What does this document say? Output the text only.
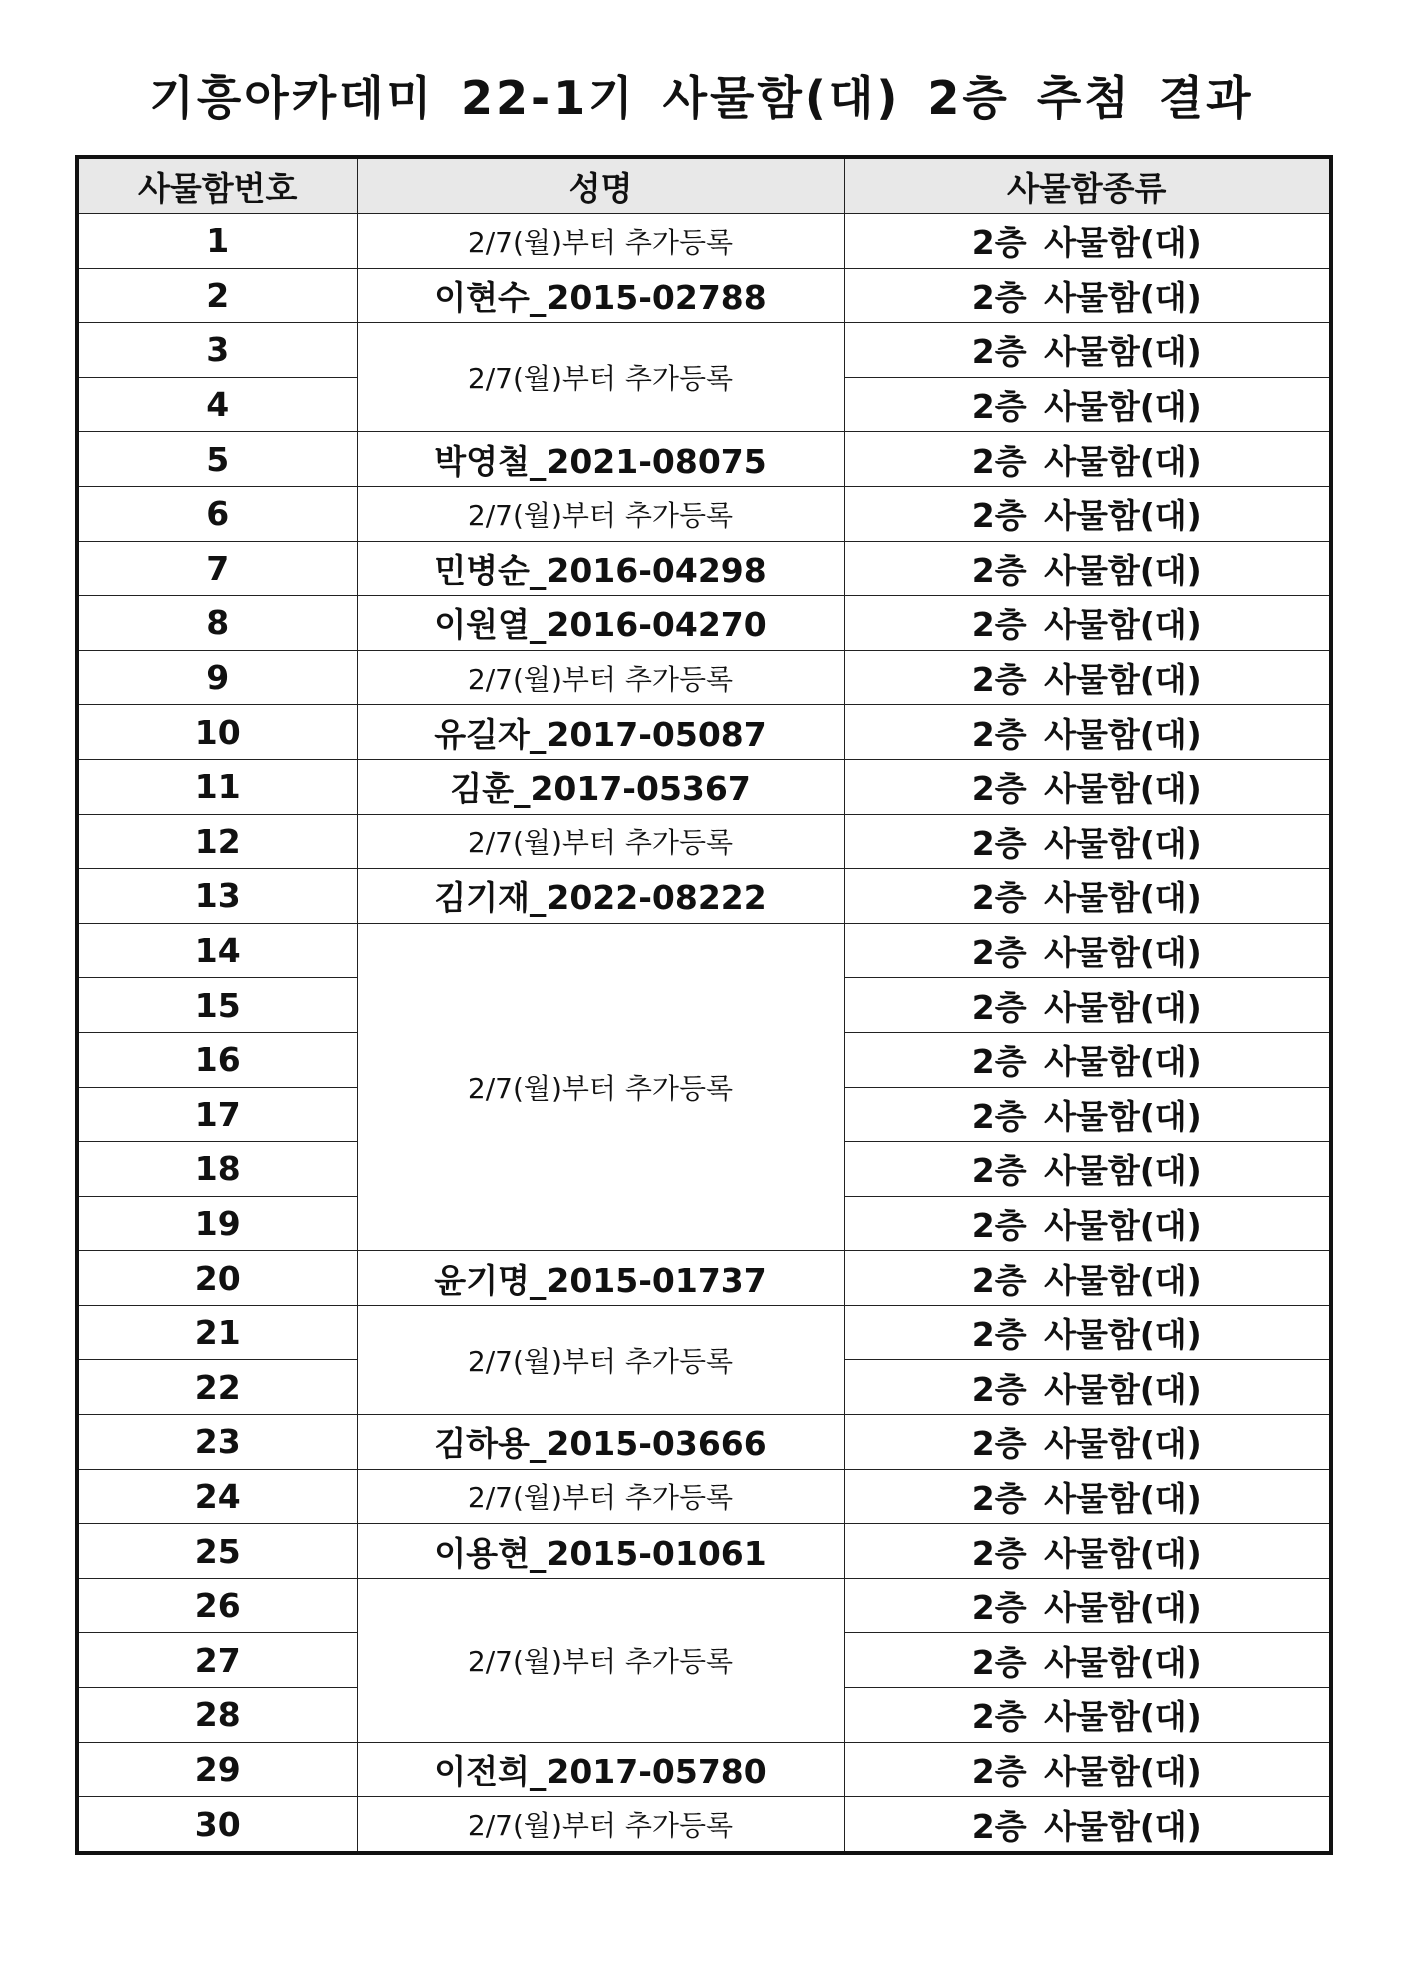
기흥아카데미 22-1기 사물함(대) 2층 추첨 결과
사물함번호	성명	사물함종류
1	2/7(월)부터 추가등록	2층 사물함(대)
2	이현수_2015-02788	2층 사물함(대)
3	2/7(월)부터 추가등록	2층 사물함(대)
4		2층 사물함(대)
5	박영철_2021-08075	2층 사물함(대)
6	2/7(월)부터 추가등록	2층 사물함(대)
7	민병순_2016-04298	2층 사물함(대)
8	이원열_2016-04270	2층 사물함(대)
9	2/7(월)부터 추가등록	2층 사물함(대)
10	유길자_2017-05087	2층 사물함(대)
11	김훈_2017-05367	2층 사물함(대)
12	2/7(월)부터 추가등록	2층 사물함(대)
13	김기재_2022-08222	2층 사물함(대)
14	2/7(월)부터 추가등록	2층 사물함(대)
15		2층 사물함(대)
16		2층 사물함(대)
17		2층 사물함(대)
18		2층 사물함(대)
19		2층 사물함(대)
20	윤기명_2015-01737	2층 사물함(대)
21	2/7(월)부터 추가등록	2층 사물함(대)
22		2층 사물함(대)
23	김하용_2015-03666	2층 사물함(대)
24	2/7(월)부터 추가등록	2층 사물함(대)
25	이용현_2015-01061	2층 사물함(대)
26	2/7(월)부터 추가등록	2층 사물함(대)
27		2층 사물함(대)
28		2층 사물함(대)
29	이전희_2017-05780	2층 사물함(대)
30	2/7(월)부터 추가등록	2층 사물함(대)
